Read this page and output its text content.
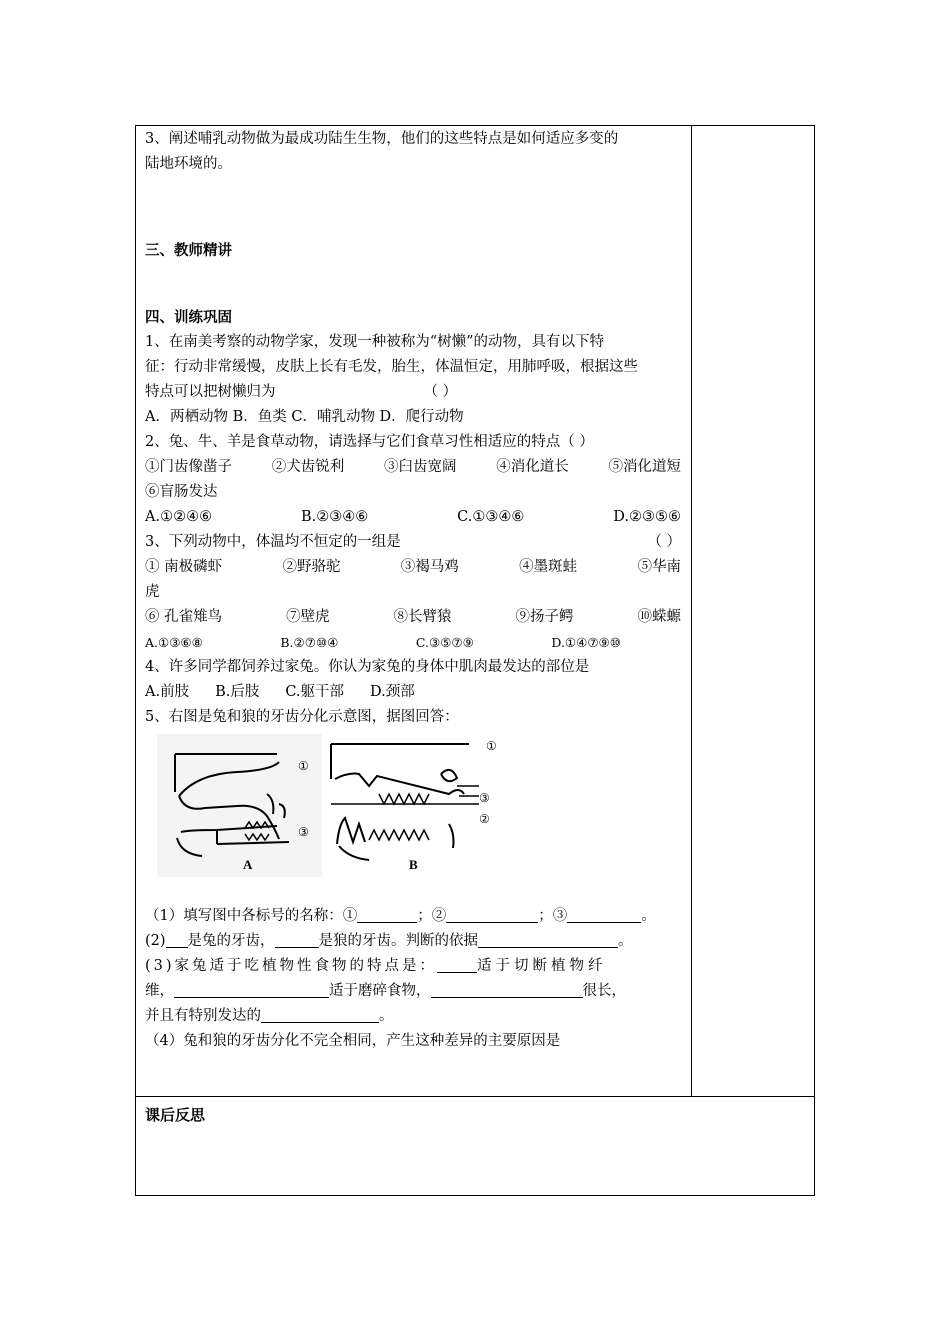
3、阐述哺乳动物做为最成功陆生生物，他们的这些特点是如何适应多变的

陆地环境的。

三、教师精讲

四、训练巩固

1、在南美考察的动物学家，发现一种被称为“树懒”的动物，具有以下特

征：行动非常缓慢，皮肤上长有毛发，胎生，体温恒定，用肺呼吸，根据这些

特点可以把树懒归为	（ ）

A．两栖动物 B．鱼类 C．哺乳动物 D．爬行动物

2、兔、牛、羊是食草动物，请选择与它们食草习性相适应的特点（ ）

①门齿像凿子	②犬齿锐利	③臼齿宽阔	④消化道长	⑤消化道短

⑥盲肠发达

A.①②④⑥	B.②③④⑥	C.①③④⑥	D.②③⑤⑥
3、下列动物中，体温均不恒定的一组是	（ ）
① 南极磷虾	②野骆驼	③褐马鸡	④墨斑蛙	⑤华南

虎

⑥ 孔雀雉鸟	⑦壁虎	⑧长臂猿	⑨扬子鳄	⑩蝾螈
A.①③⑥⑧	B.②⑦⑩④	C.③⑤⑦⑨	D.①④⑦⑨⑩

4、许多同学都饲养过家兔。你认为家兔的身体中肌肉最发达的部位是

A.前肢 B.后肢 C.躯干部 D.颈部

5、右图是兔和狼的牙齿分化示意图，据图回答：

①
③
A
①
③
②
B

（1）填写图中各标号的名称：①	；②	；③	。

(2) 是兔的牙齿，	是狼的牙齿。判断的依据	。

(3)家兔适于吃植物性食物的特点是：	适于切断植物纤

维，	适于磨碎食物，	很长，

并且有特别发达的	。

（4）兔和狼的牙齿分化不完全相同，产生这种差异的主要原因是

课后反思
